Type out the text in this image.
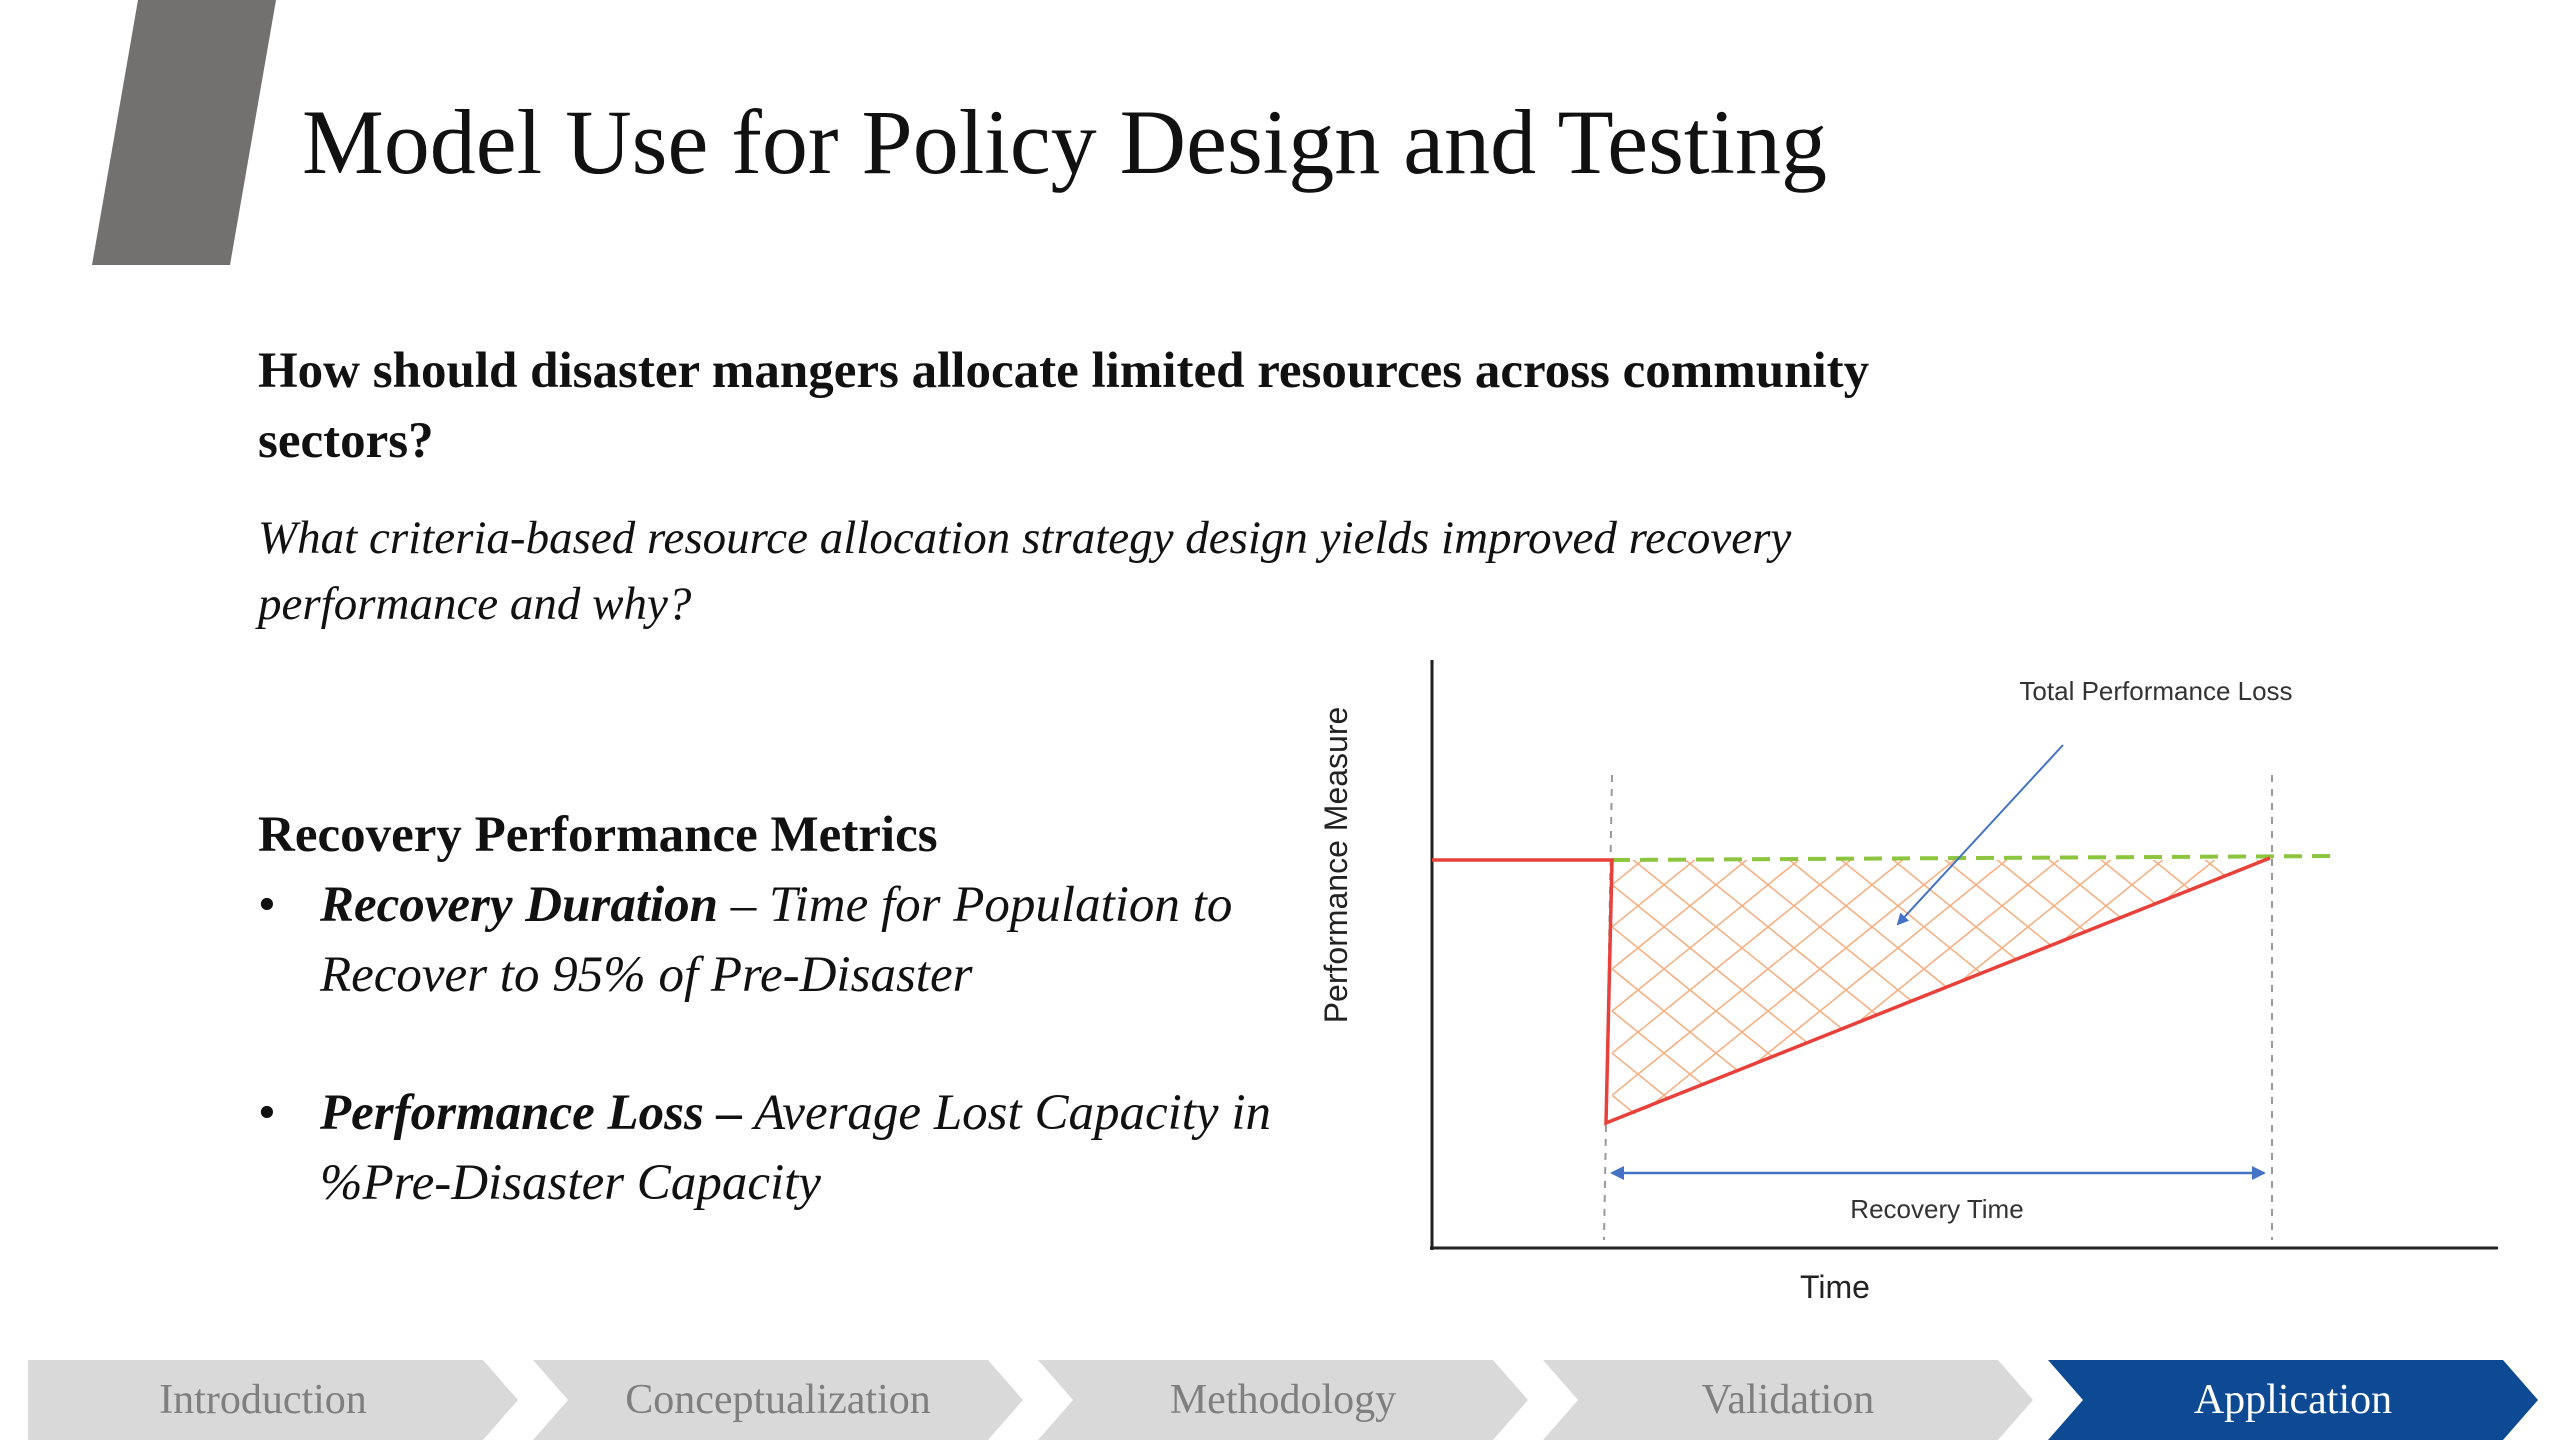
Model Use for Policy Design and Testing
How should disaster mangers allocate limited resources across community sectors?
What criteria-based resource allocation strategy design yields improved recovery performance and why?
Recovery Performance Metrics
• Recovery Duration – Time for Population to Recover to 95% of Pre-Disaster
• Performance Loss – Average Lost Capacity in %Pre-Disaster Capacity
Total Performance Loss
Recovery Time
Performance Measure
Time
Introduction	Conceptualization	Methodology	Validation	Application
